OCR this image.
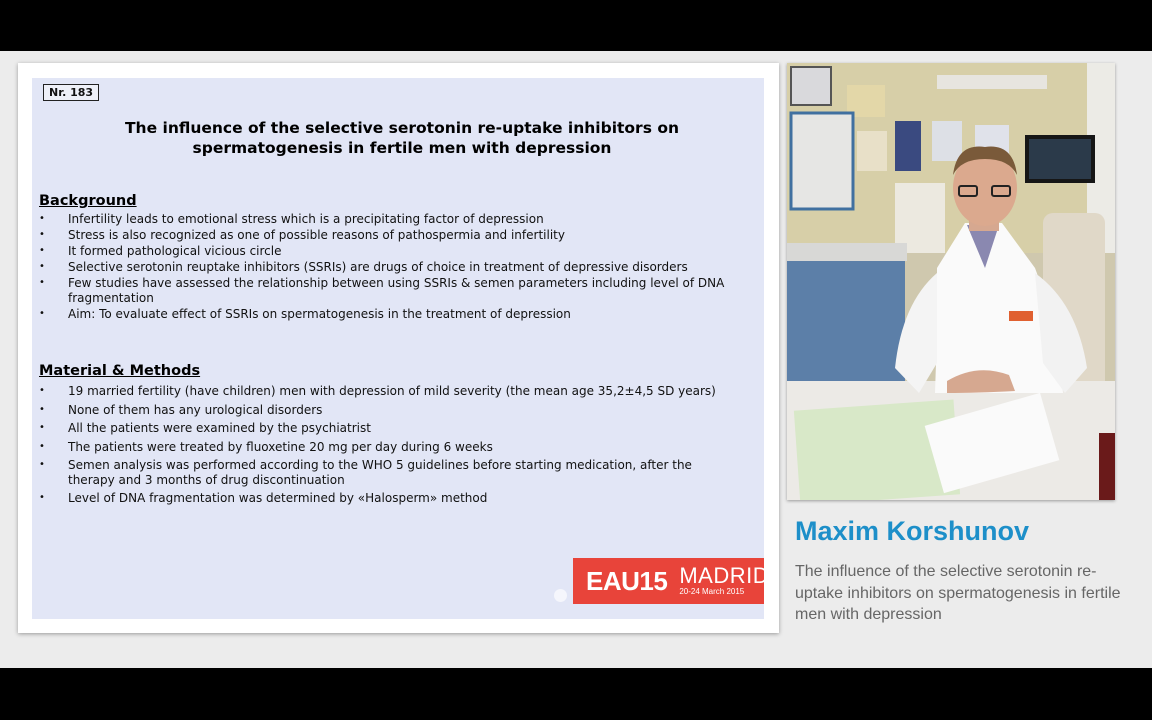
Nr. 183
The influence of the selective serotonin re-uptake inhibitors on
spermatogenesis in fertile men with depression
Background
• Infertility leads to emotional stress which is a precipitating factor of depression
• Stress is also recognized as one of possible reasons of pathospermia and infertility
• It formed pathological vicious circle
• Selective serotonin reuptake inhibitors (SSRIs) are drugs of choice in treatment of depressive disorders
• Few studies have assessed the relationship between using SSRIs & semen parameters including level of DNA fragmentation
• Aim: To evaluate effect of SSRIs on spermatogenesis in the treatment of depression
Material & Methods
• 19 married fertility (have children) men with depression of mild severity (the mean age 35,2±4,5 SD years)
• None of them has any urological disorders
• All the patients were examined by the psychiatrist
• The patients were treated by fluoxetine 20 mg per day during 6 weeks
• Semen analysis was performed according to the WHO 5 guidelines before starting medication, after the therapy and 3 months of drug discontinuation
• Level of DNA fragmentation was determined by «Halosperm» method
EAU15 MADRID
20-24 March 2015
Maxim Korshunov
The influence of the selective serotonin re-uptake inhibitors on spermatogenesis in fertile men with depression
